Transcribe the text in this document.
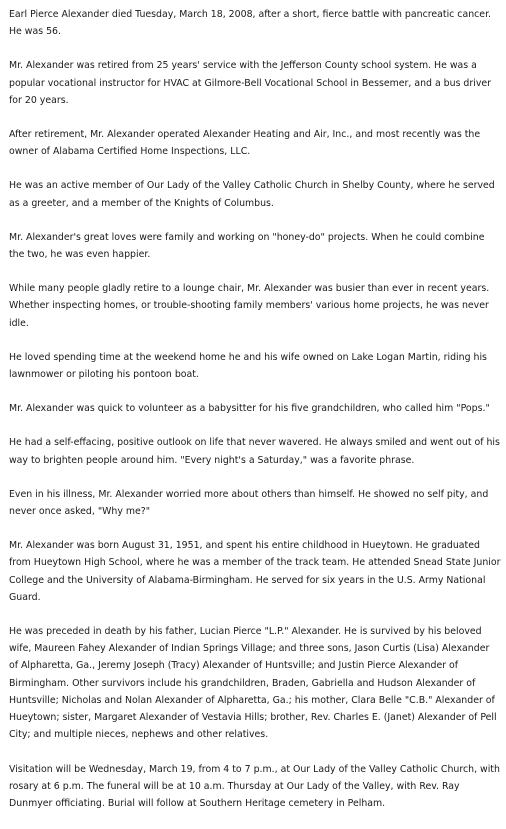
Earl Pierce Alexander died Tuesday, March 18, 2008, after a short, fierce battle with pancreatic cancer. He was 56.

Mr. Alexander was retired from 25 years' service with the Jefferson County school system. He was a popular vocational instructor for HVAC at Gilmore-Bell Vocational School in Bessemer, and a bus driver for 20 years.

After retirement, Mr. Alexander operated Alexander Heating and Air, Inc., and most recently was the owner of Alabama Certified Home Inspections, LLC.

He was an active member of Our Lady of the Valley Catholic Church in Shelby County, where he served as a greeter, and a member of the Knights of Columbus.

Mr. Alexander's great loves were family and working on "honey-do" projects. When he could combine the two, he was even happier.

While many people gladly retire to a lounge chair, Mr. Alexander was busier than ever in recent years. Whether inspecting homes, or trouble-shooting family members' various home projects, he was never idle.

He loved spending time at the weekend home he and his wife owned on Lake Logan Martin, riding his lawnmower or piloting his pontoon boat.

Mr. Alexander was quick to volunteer as a babysitter for his five grandchildren, who called him "Pops."

He had a self-effacing, positive outlook on life that never wavered. He always smiled and went out of his way to brighten people around him. "Every night's a Saturday," was a favorite phrase.

Even in his illness, Mr. Alexander worried more about others than himself. He showed no self pity, and never once asked, "Why me?"

Mr. Alexander was born August 31, 1951, and spent his entire childhood in Hueytown. He graduated from Hueytown High School, where he was a member of the track team. He attended Snead State Junior College and the University of Alabama-Birmingham. He served for six years in the U.S. Army National Guard.

He was preceded in death by his father, Lucian Pierce "L.P." Alexander. He is survived by his beloved wife, Maureen Fahey Alexander of Indian Springs Village; and three sons, Jason Curtis (Lisa) Alexander of Alpharetta, Ga., Jeremy Joseph (Tracy) Alexander of Huntsville; and Justin Pierce Alexander of Birmingham. Other survivors include his grandchildren, Braden, Gabriella and Hudson Alexander of Huntsville; Nicholas and Nolan Alexander of Alpharetta, Ga.; his mother, Clara Belle "C.B." Alexander of Hueytown; sister, Margaret Alexander of Vestavia Hills; brother, Rev. Charles E. (Janet) Alexander of Pell City; and multiple nieces, nephews and other relatives.

Visitation will be Wednesday, March 19, from 4 to 7 p.m., at Our Lady of the Valley Catholic Church, with rosary at 6 p.m. The funeral will be at 10 a.m. Thursday at Our Lady of the Valley, with Rev. Ray Dunmyer officiating. Burial will follow at Southern Heritage cemetery in Pelham.
